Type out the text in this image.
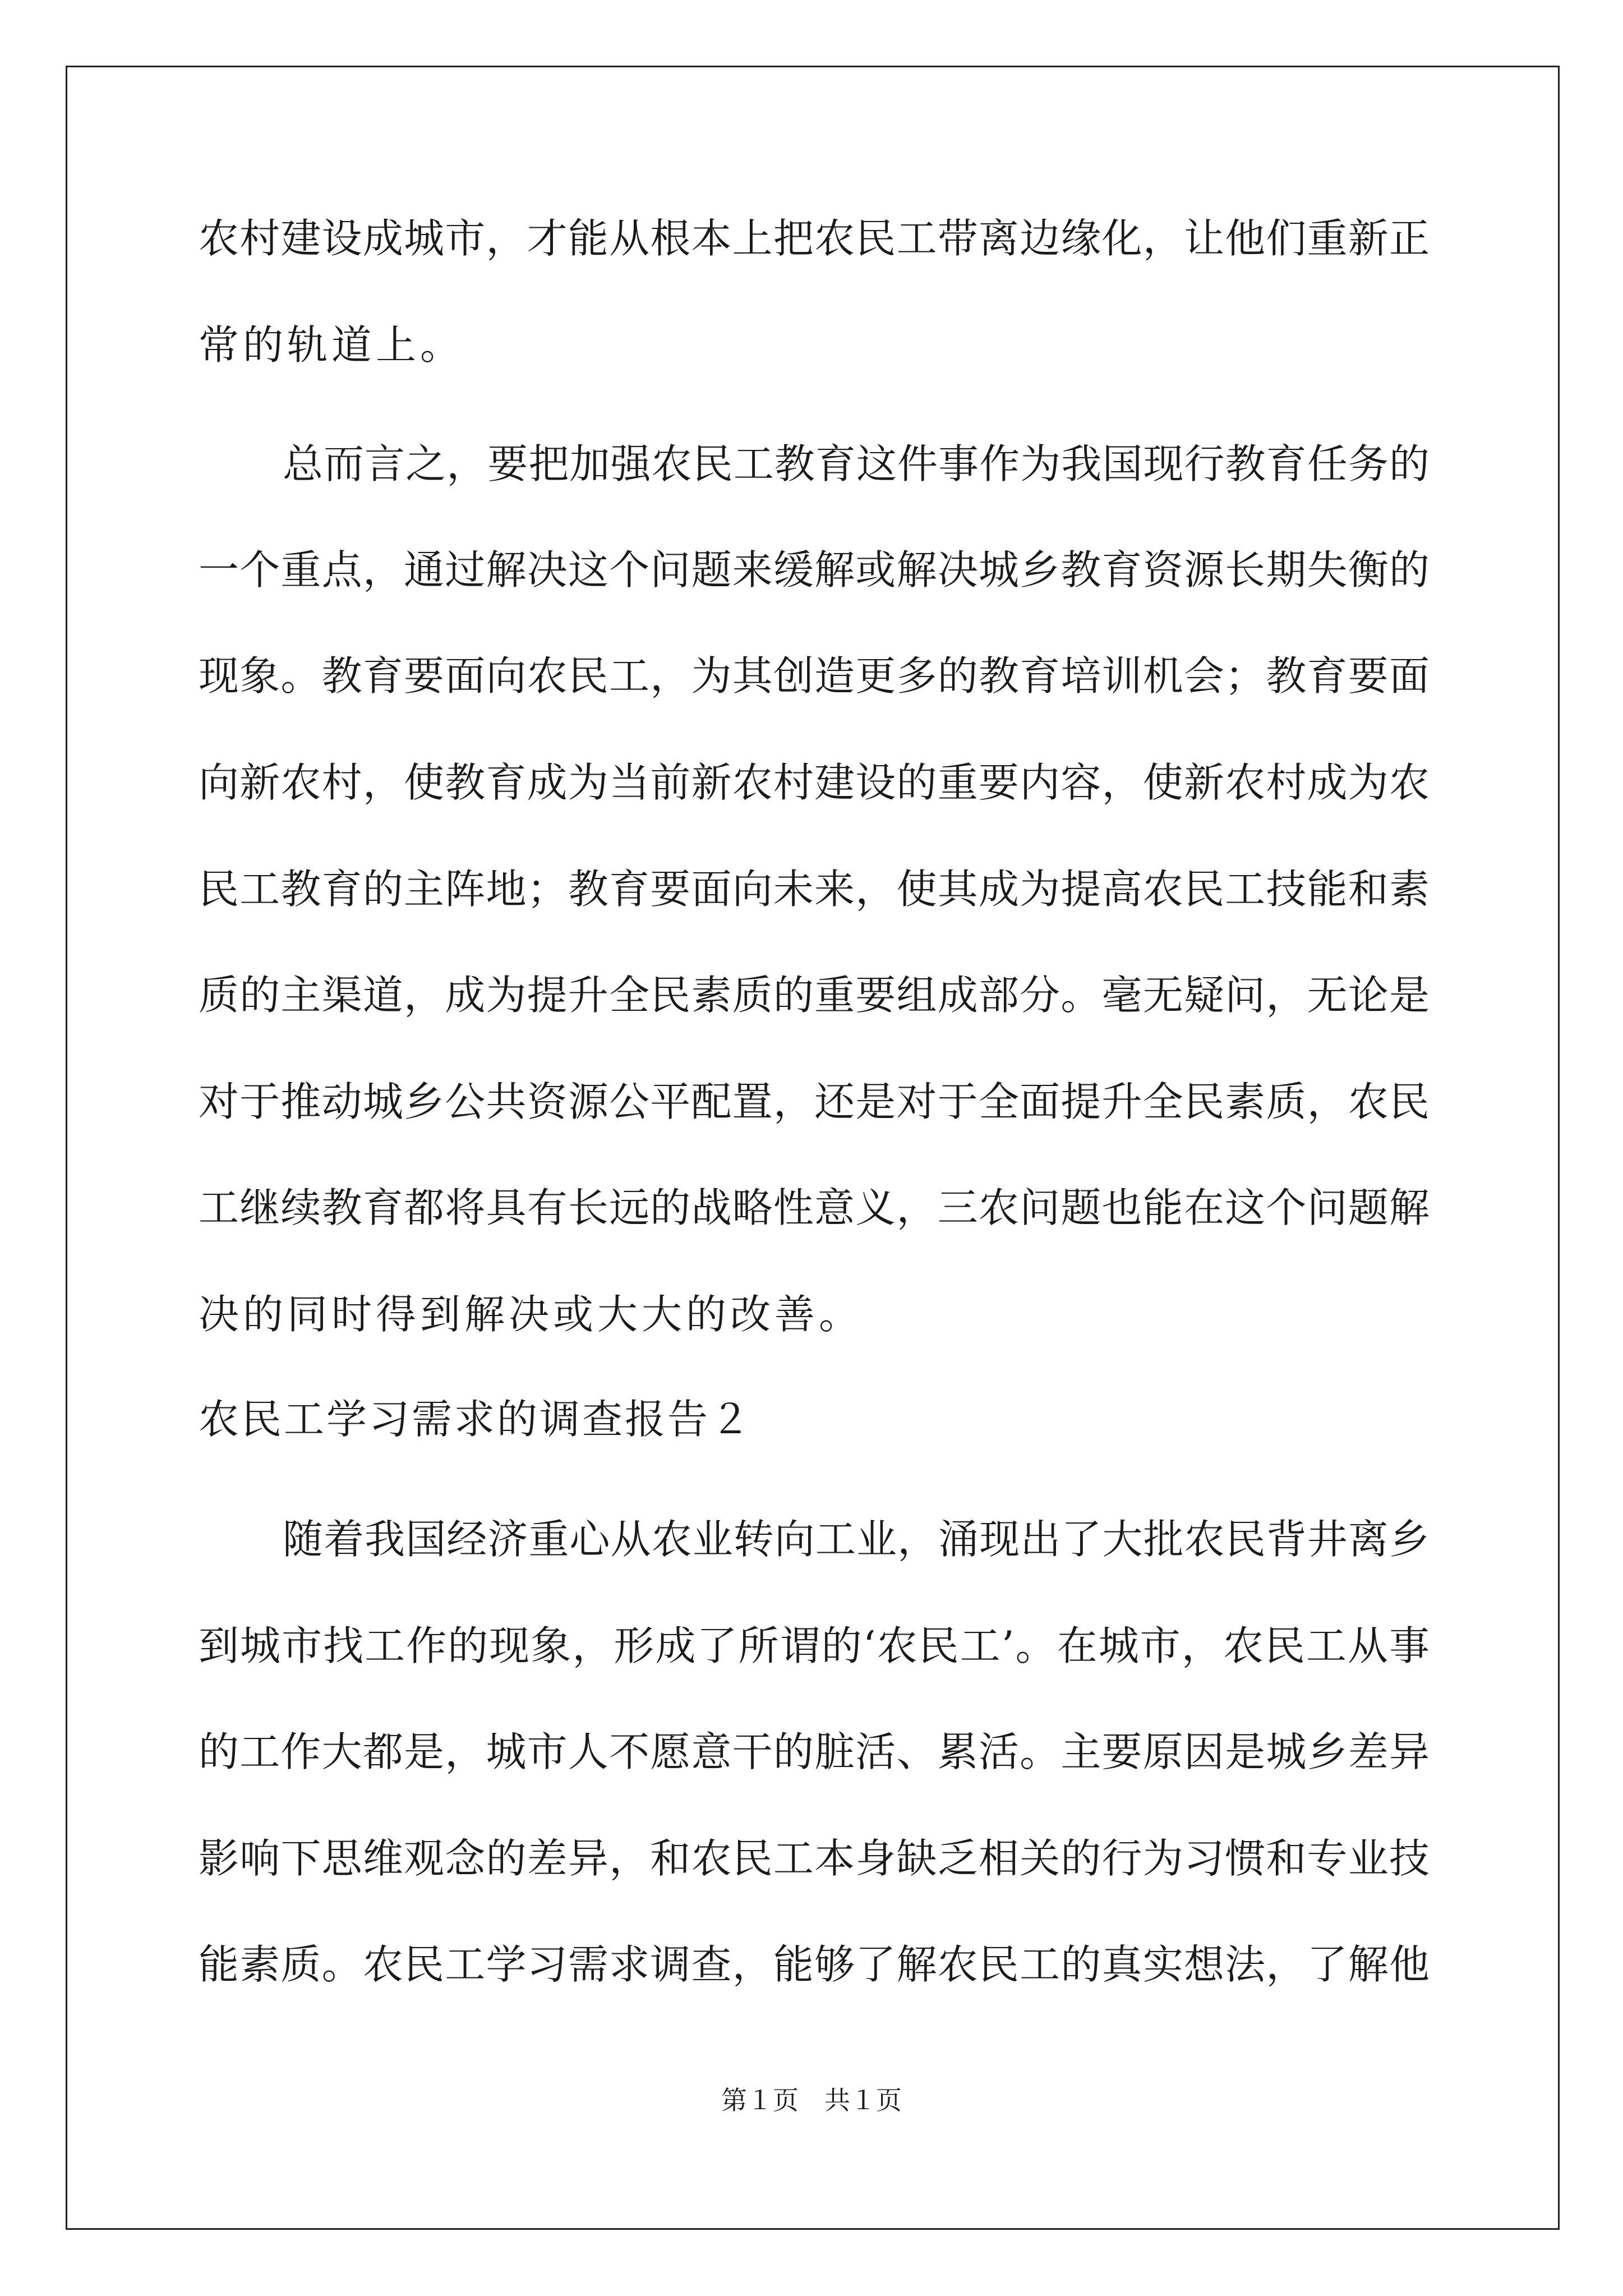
农村建设成城市，才能从根本上把农民工带离边缘化，让他们重新正
常的轨道上。
总而言之，要把加强农民工教育这件事作为我国现行教育任务的
一个重点，通过解决这个问题来缓解或解决城乡教育资源长期失衡的
现象。教育要面向农民工，为其创造更多的教育培训机会；教育要面
向新农村，使教育成为当前新农村建设的重要内容，使新农村成为农
民工教育的主阵地；教育要面向未来，使其成为提高农民工技能和素
质的主渠道，成为提升全民素质的重要组成部分。毫无疑问，无论是
对于推动城乡公共资源公平配置，还是对于全面提升全民素质，农民
工继续教育都将具有长远的战略性意义，三农问题也能在这个问题解
决的同时得到解决或大大的改善。
农民工学习需求的调查报告２
随着我国经济重心从农业转向工业，涌现出了大批农民背井离乡
到城市找工作的现象，形成了所谓的‘农民工’。在城市，农民工从事
的工作大都是，城市人不愿意干的脏活、累活。主要原因是城乡差异
影响下思维观念的差异，和农民工本身缺乏相关的行为习惯和专业技
能素质。农民工学习需求调查，能够了解农民工的真实想法，了解他
第１页　共１页
